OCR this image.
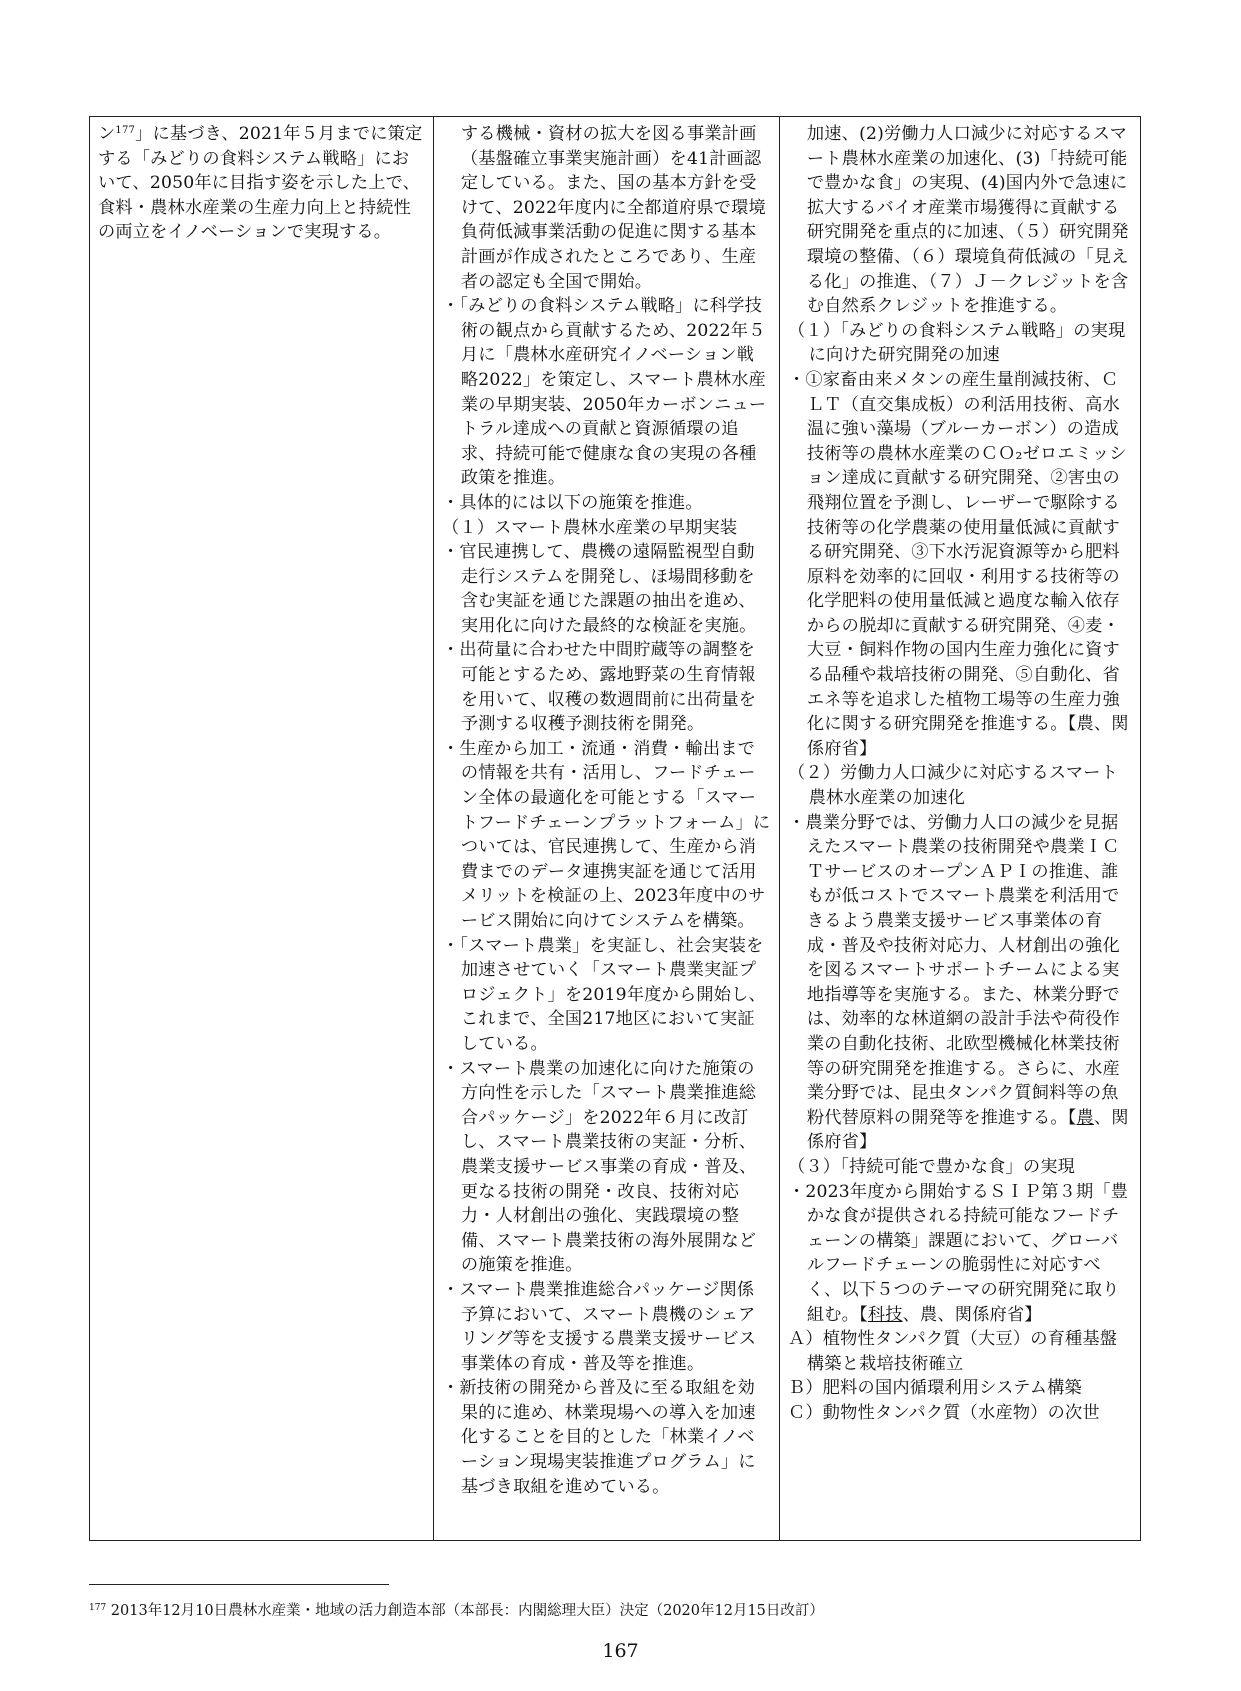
ン$^{177}$」に基づき、2021年５月までに策定する「みどりの食料システム戦略」において、2050年に目指す姿を示した上で、食料・農林水産業の生産力向上と持続性の両立をイノベーションで実現する。

する機械・資材の拡大を図る事業計画（基盤確立事業実施計画）を41計画認定している。また、国の基本方針を受けて、2022年度内に全都道府県で環境負荷低減事業活動の促進に関する基本計画が作成されたところであり、生産者の認定も全国で開始。

・「みどりの食料システム戦略」に科学技術の観点から貢献するため、2022年５月に「農林水産研究イノベーション戦略2022」を策定し、スマート農林水産業の早期実装、2050年カーボンニュートラル達成への貢献と資源循環の追求、持続可能で健康な食の実現の各種政策を推進。

・具体的には以下の施策を推進。

（１）スマート農林水産業の早期実装

・官民連携して、農機の遠隔監視型自動走行システムを開発し、ほ場間移動を含む実証を通じた課題の抽出を進め、実用化に向けた最終的な検証を実施。

・出荷量に合わせた中間貯蔵等の調整を可能とするため、露地野菜の生育情報を用いて、収穫の数週間前に出荷量を予測する収穫予測技術を開発。

・生産から加工・流通・消費・輸出までの情報を共有・活用し、フードチェーン全体の最適化を可能とする「スマートフードチェーンプラットフォーム」については、官民連携して、生産から消費までのデータ連携実証を通じて活用メリットを検証の上、2023年度中のサービス開始に向けてシステムを構築。

・「スマート農業」を実証し、社会実装を加速させていく「スマート農業実証プロジェクト」を2019年度から開始し、これまで、全国217地区において実証している。

・スマート農業の加速化に向けた施策の方向性を示した「スマート農業推進総合パッケージ」を2022年６月に改訂し、スマート農業技術の実証・分析、農業支援サービス事業の育成・普及、更なる技術の開発・改良、技術対応力・人材創出の強化、実践環境の整備、スマート農業技術の海外展開などの施策を推進。

・スマート農業推進総合パッケージ関係予算において、スマート農機のシェアリング等を支援する農業支援サービス事業体の育成・普及等を推進。

・新技術の開発から普及に至る取組を効果的に進め、林業現場への導入を加速化することを目的とした「林業イノベーション現場実装推進プログラム」に基づき取組を進めている。

加速、(2)労働力人口減少に対応するスマート農林水産業の加速化、(3)「持続可能で豊かな食」の実現、(4)国内外で急速に拡大するバイオ産業市場獲得に貢献する研究開発を重点的に加速、（５）研究開発環境の整備、（６）環境負荷低減の「見える化」の推進、（７）Ｊ－クレジットを含む自然系クレジットを推進する。

（１）「みどりの食料システム戦略」の実現に向けた研究開発の加速

・①家畜由来メタンの産生量削減技術、ＣＬＴ（直交集成板）の利活用技術、高水温に強い藻場（ブルーカーボン）の造成技術等の農林水産業のＣＯ₂ゼロエミッション達成に貢献する研究開発、②害虫の飛翔位置を予測し、レーザーで駆除する技術等の化学農薬の使用量低減に貢献する研究開発、③下水汚泥資源等から肥料原料を効率的に回収・利用する技術等の化学肥料の使用量低減と過度な輸入依存からの脱却に貢献する研究開発、④麦・大豆・飼料作物の国内生産力強化に資する品種や栽培技術の開発、⑤自動化、省エネ等を追求した植物工場等の生産力強化に関する研究開発を推進する。【農、関係府省】

（２）労働力人口減少に対応するスマート農林水産業の加速化

・農業分野では、労働力人口の減少を見据えたスマート農業の技術開発や農業ＩＣＴサービスのオープンＡＰＩの推進、誰もが低コストでスマート農業を利活用できるよう農業支援サービス事業体の育成・普及や技術対応力、人材創出の強化を図るスマートサポートチームによる実地指導等を実施する。また、林業分野では、効率的な林道網の設計手法や荷役作業の自動化技術、北欧型機械化林業技術等の研究開発を推進する。さらに、水産業分野では、昆虫タンパク質飼料等の魚粉代替原料の開発等を推進する。【農、関係府省】

（３）「持続可能で豊かな食」の実現

・2023年度から開始するＳＩＰ第３期「豊かな食が提供される持続可能なフードチェーンの構築」課題において、グローバルフードチェーンの脆弱性に対応すべく、以下５つのテーマの研究開発に取り組む。【科技、農、関係府省】

Ａ）植物性タンパク質（大豆）の育種基盤構築と栽培技術確立

Ｂ）肥料の国内循環利用システム構築

Ｃ）動物性タンパク質（水産物）の次世

$^{177}$ 2013年12月10日農林水産業・地域の活力創造本部（本部長：内閣総理大臣）決定（2020年12月15日改訂）
167
